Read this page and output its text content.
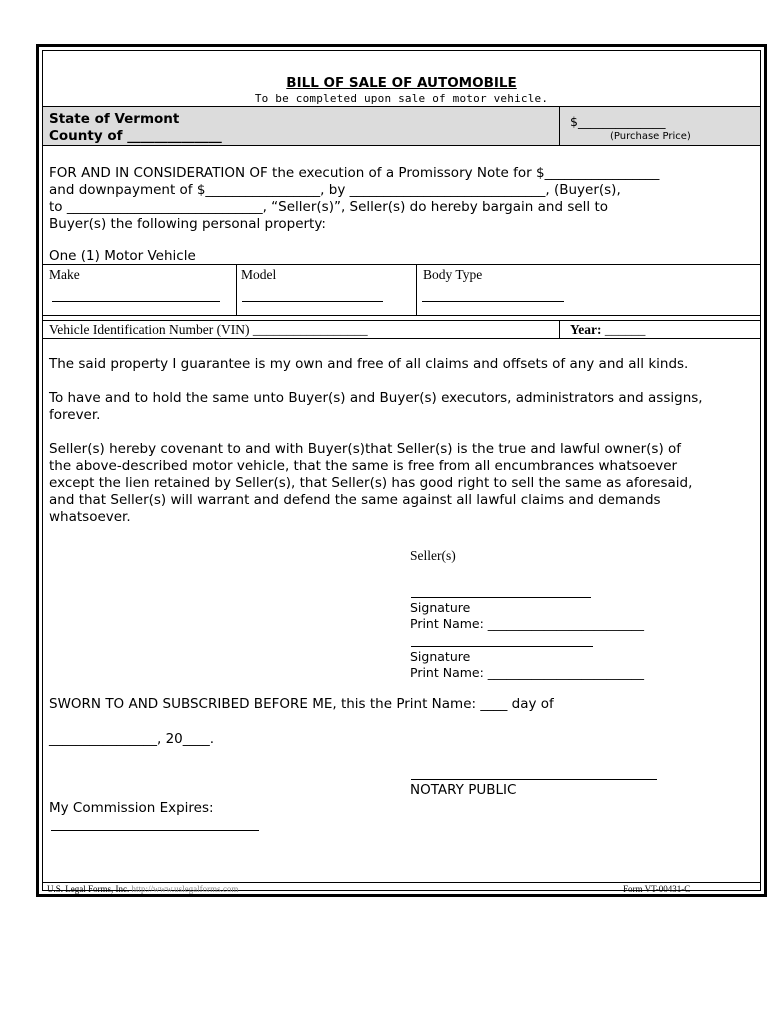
BILL OF SALE OF AUTOMOBILE
To be completed upon sale of motor vehicle.
State of Vermont
County of ______________
$______________
(Purchase Price)
FOR AND IN CONSIDERATION OF the execution of a Promissory Note for $_________________
and downpayment of $_________________, by _____________________________, (Buyer(s),
to _____________________________, “Seller(s)”, Seller(s) do hereby bargain and sell to
Buyer(s) the following personal property:
One (1) Motor Vehicle
Make	Model	Body Type
Vehicle Identification Number (VIN) _________________	Year: ______
The said property I guarantee is my own and free of all claims and offsets of any and all kinds.
To have and to hold the same unto Buyer(s) and Buyer(s) executors, administrators and assigns,
forever.
Seller(s) hereby covenant to and with Buyer(s)that Seller(s) is the true and lawful owner(s) of
the above-described motor vehicle, that the same is free from all encumbrances whatsoever
except the lien retained by Seller(s), that Seller(s) has good right to sell the same as aforesaid,
and that Seller(s) will warrant and defend the same against all lawful claims and demands
whatsoever.
Seller(s)
Signature
Print Name: _________________________
Signature
Print Name: _________________________
SWORN TO AND SUBSCRIBED BEFORE ME, this the Print Name: ____ day of
________________, 20____.
NOTARY PUBLIC
My Commission Expires:
U.S. Legal Forms, Inc. http://www.uslegalforms.com	Form VT-00431-C
